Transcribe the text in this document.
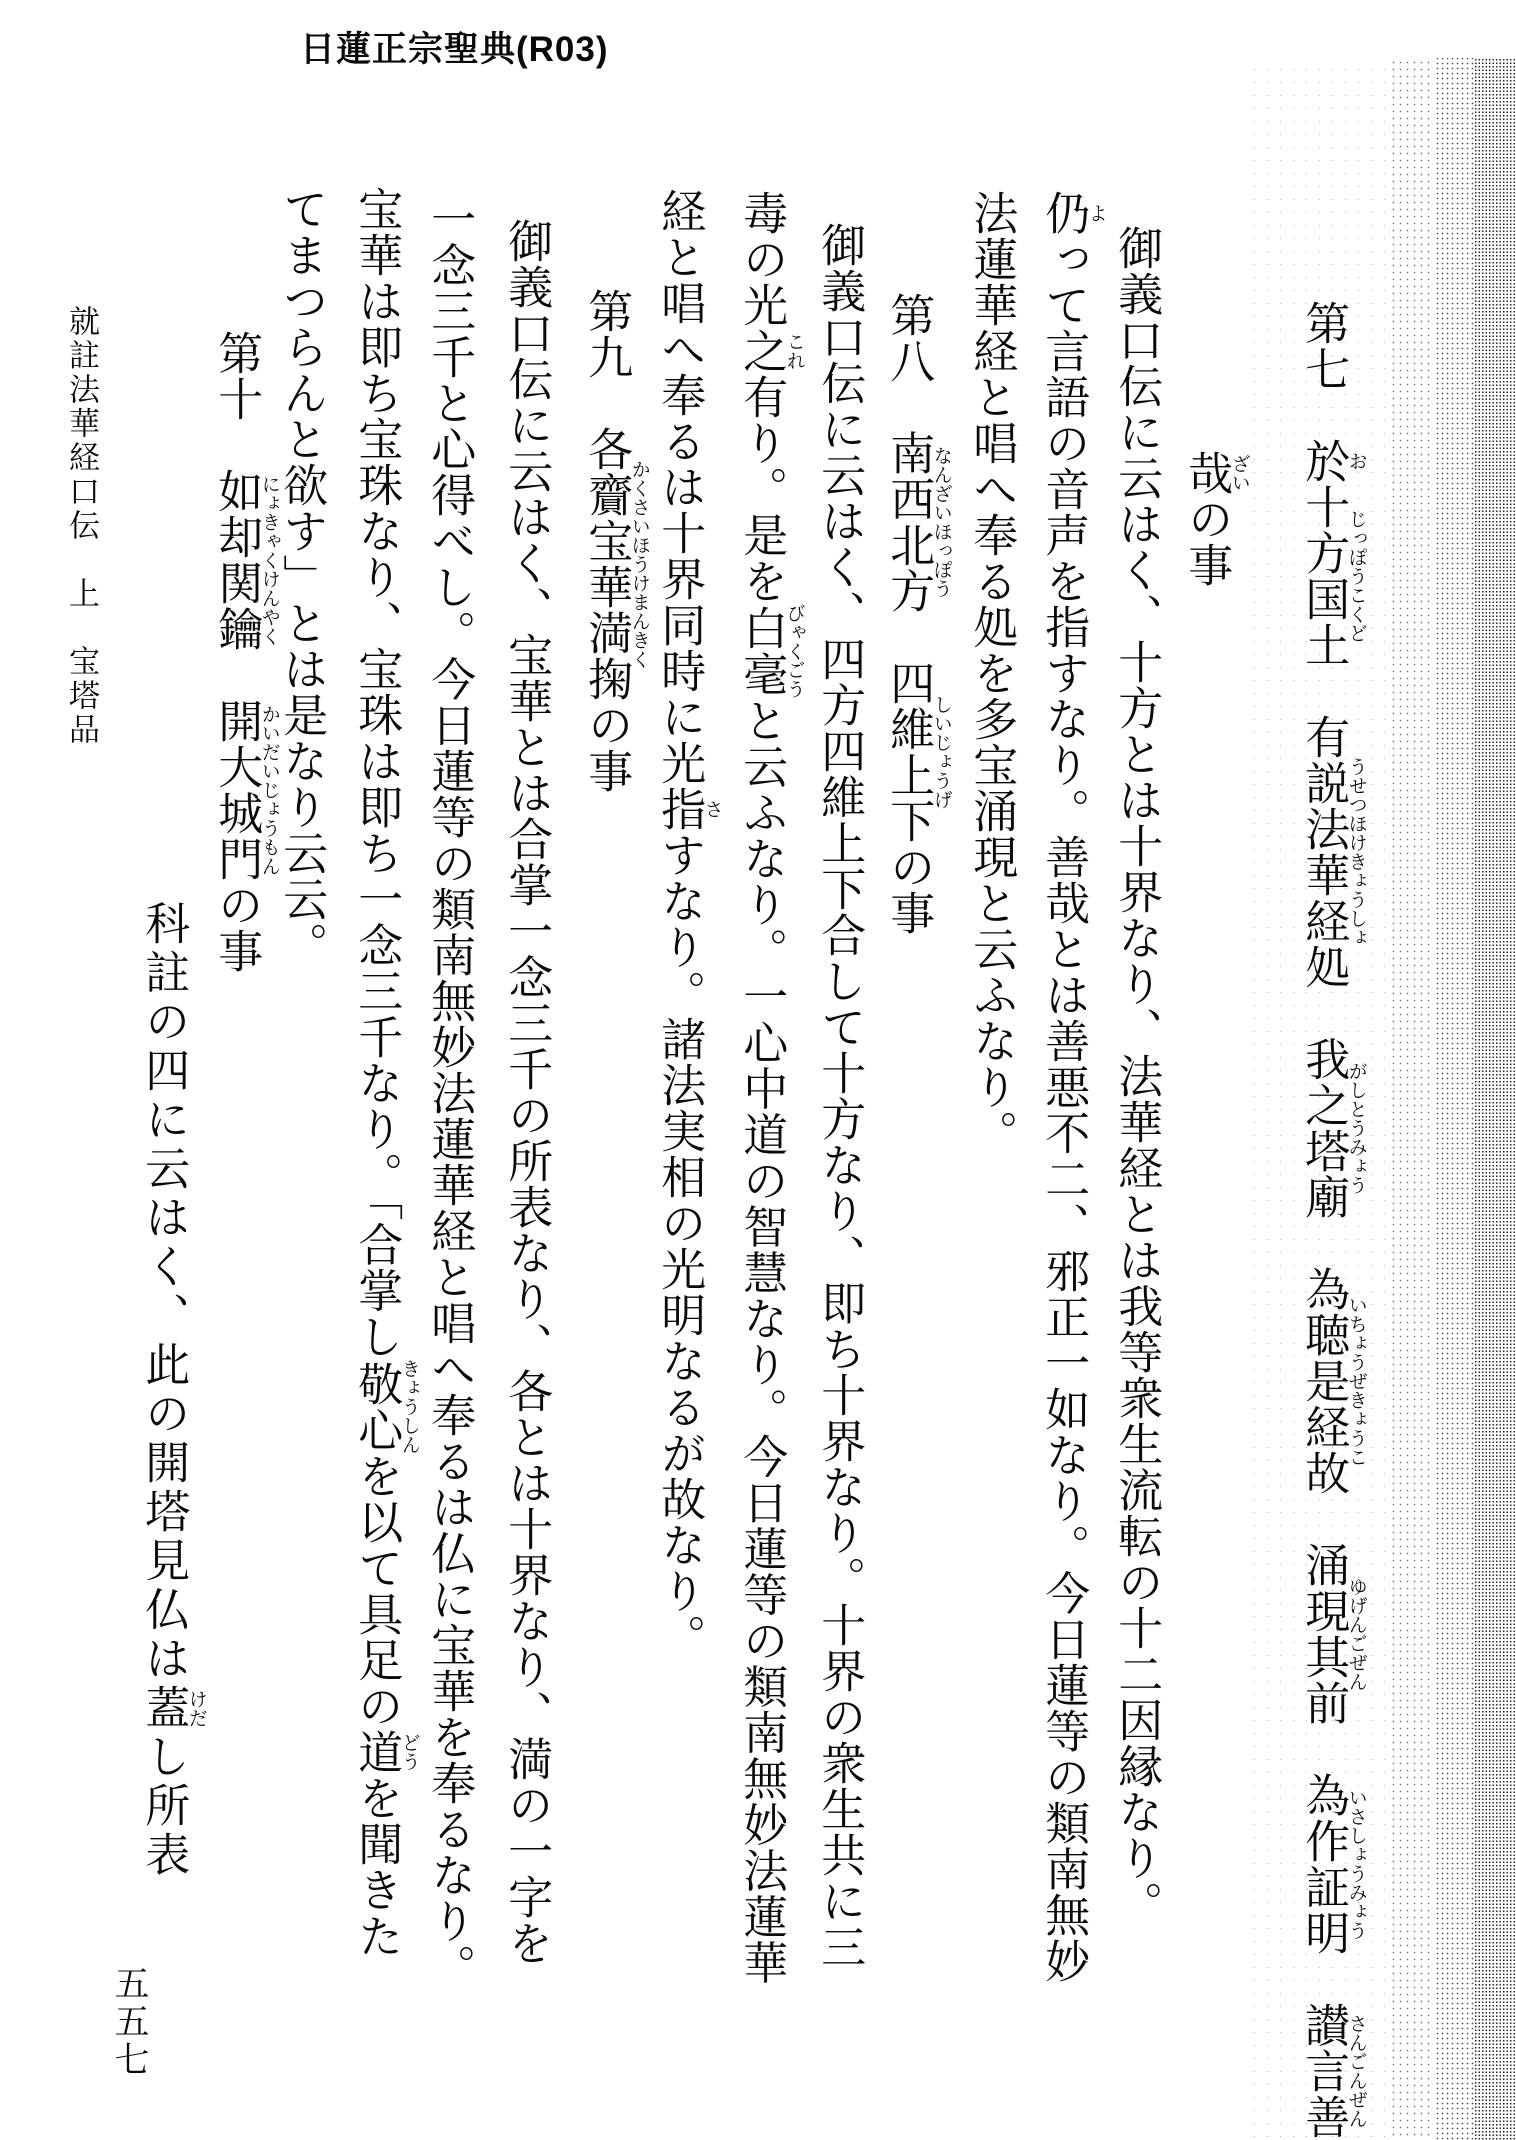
日蓮正宗聖典(R03)
第七　於お十方国土じっぽうこくど　有説法華経処うせつほけきょうしょ　我之塔廟がしとうみょう　為聴是経故いちょうぜきょうこ　涌現其前ゆげんごぜん　為作証明いさしょうみょう　讃言善さんごんぜん
哉ざいの事
御義口伝に云はく、十方とは十界なり、法華経とは我等衆生流転の十二因縁なり。
仍よって言語の音声を指すなり。善哉とは善悪不二、邪正一如なり。今日蓮等の類南無妙
法蓮華経と唱へ奉る処を多宝涌現と云ふなり。
第八　南西北方なんざいほっぽう　四維上下しいじょうげの事
御義口伝に云はく、四方四維上下合して十方なり、即ち十界なり。十界の衆生共に三
毒の光之これ有り。是を白毫びゃくごうと云ふなり。一心中道の智慧なり。今日蓮等の類南無妙法蓮華
経と唱へ奉るは十界同時に光指さすなり。諸法実相の光明なるが故なり。
第九　各齎宝華満掬かくさいほうけまんきくの事
御義口伝に云はく、宝華とは合掌一念三千の所表なり、各とは十界なり、満の一字を
一念三千と心得べし。今日蓮等の類南無妙法蓮華経と唱へ奉るは仏に宝華を奉るなり。
宝華は即ち宝珠なり、宝珠は即ち一念三千なり。「合掌し敬心きょうしんを以て具足の道どうを聞きた
てまつらんと欲す」とは是なり云云。
第十　如却関鑰にょきゃくけんやく　開大城門かいだいじょうもんの事
科註の四に云はく、此の開塔見仏は蓋けだし所表
就註法華経口伝　上　宝塔品
五五七
